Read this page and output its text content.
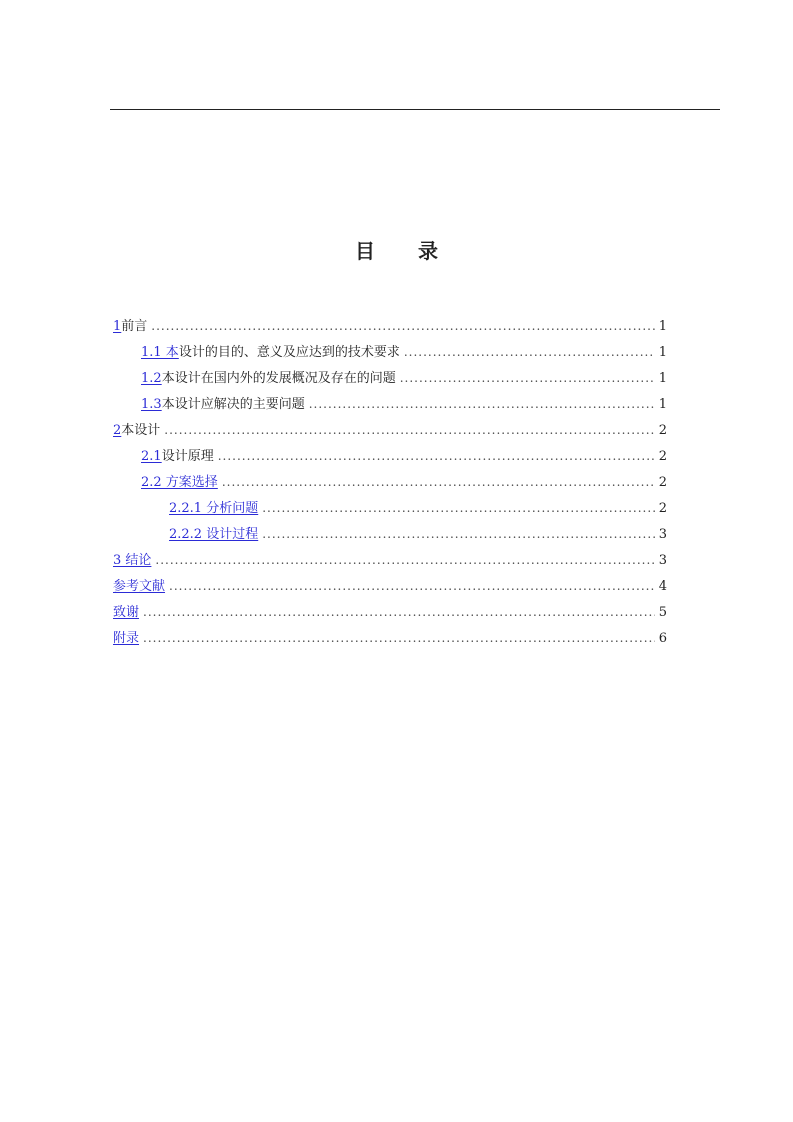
目 录
1 前言 .....	1
1.1 本 设计的目的、意义及应达到的技术要求 .....	1
1.2 本设计在国内外的发展概况及存在的问题 .....	1
1.3 本设计应解决的主要问题 .....	1
2 本设计 .....	2
2.1 设计原理 .....	2
2.2 方案选择 .....	2
2.2.1 分析问题 .....	2
2.2.2 设计过程 .....	3
3 结论 .....	3
参考文献 .....	4
致谢 .....	5
附录 .....	6
